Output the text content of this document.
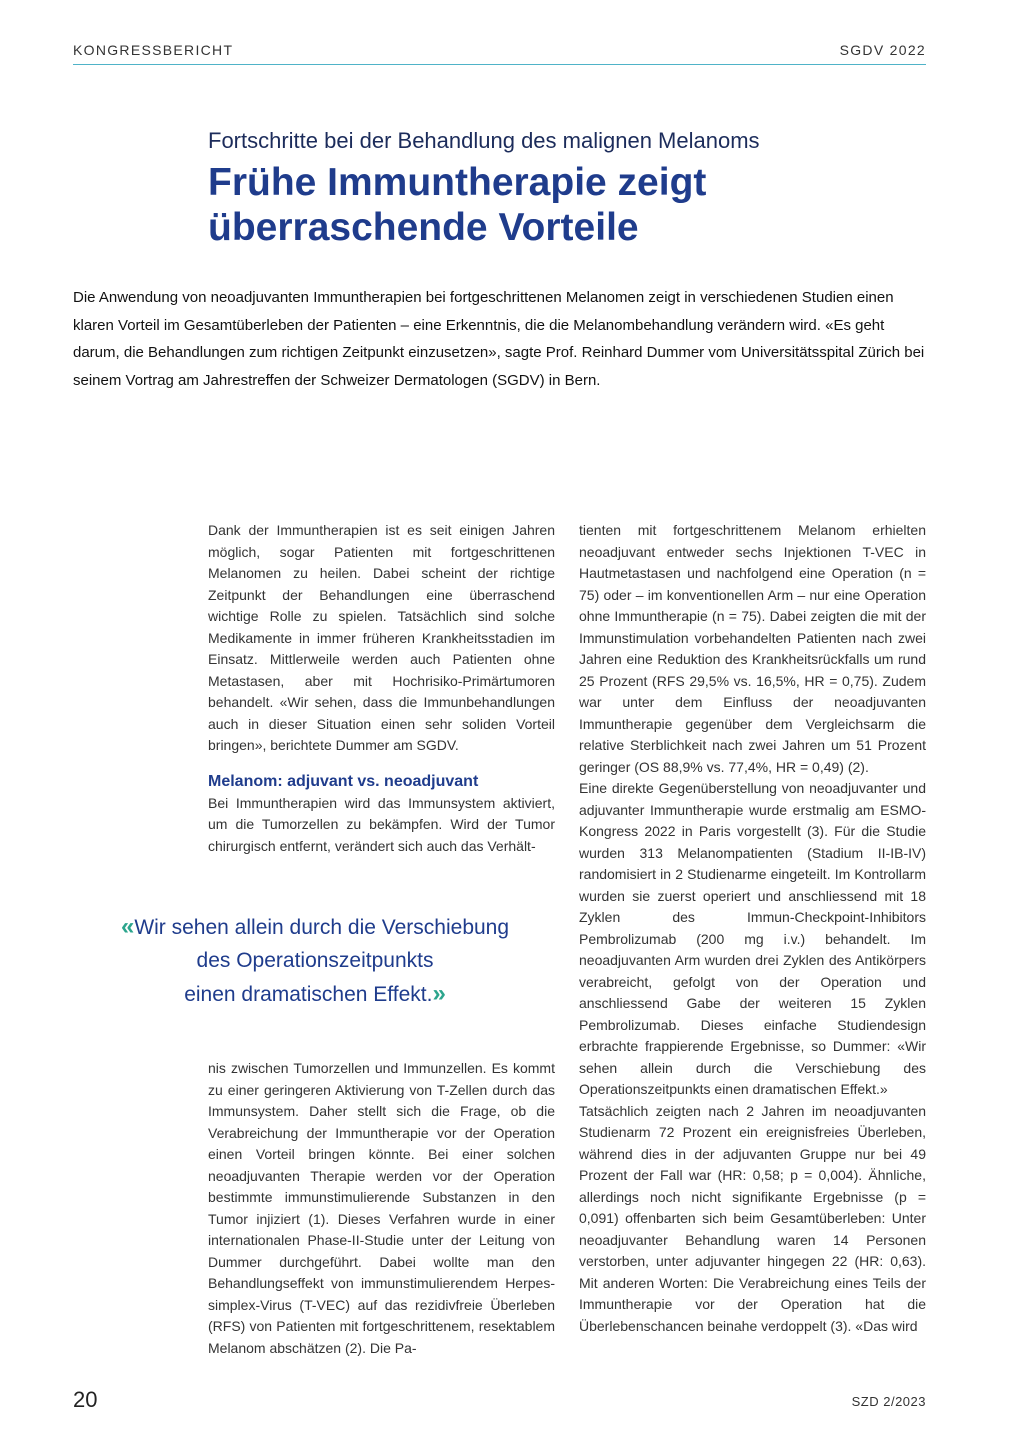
KONGRESSBERICHT	SGDV 2022
Fortschritte bei der Behandlung des malignen Melanoms
Frühe Immuntherapie zeigt überraschende Vorteile

Die Anwendung von neoadjuvanten Immuntherapien bei fortgeschrittenen Melanomen zeigt in verschiedenen Studien einen klaren Vorteil im Gesamtüberleben der Patienten – eine Erkenntnis, die die Melanombehandlung verändern wird. «Es geht darum, die Behandlungen zum richtigen Zeitpunkt einzusetzen», sagte Prof. Reinhard Dummer vom Universitätsspital Zürich bei seinem Vortrag am Jahrestreffen der Schweizer Dermatologen (SGDV) in Bern.

Dank der Immuntherapien ist es seit einigen Jahren möglich, sogar Patienten mit fortgeschrittenen Melanomen zu heilen. Dabei scheint der richtige Zeitpunkt der Behandlungen eine überraschend wichtige Rolle zu spielen. Tatsächlich sind solche Medikamente in immer früheren Krankheitsstadien im Einsatz. Mittlerweile werden auch Patienten ohne Metastasen, aber mit Hochrisiko-Primärtumoren behandelt. «Wir sehen, dass die Immunbehandlungen auch in dieser Situation einen sehr soliden Vorteil bringen», berichtete Dummer am SGDV.

Melanom: adjuvant vs. neoadjuvant

Bei Immuntherapien wird das Immunsystem aktiviert, um die Tumorzellen zu bekämpfen. Wird der Tumor chirurgisch entfernt, verändert sich auch das Verhält-

«Wir sehen allein durch die Verschiebung
des Operationszeitpunkts
einen dramatischen Effekt.»

nis zwischen Tumorzellen und Immunzellen. Es kommt zu einer geringeren Aktivierung von T-Zellen durch das Immunsystem. Daher stellt sich die Frage, ob die Verabreichung der Immuntherapie vor der Operation einen Vorteil bringen könnte. Bei einer solchen neoadjuvanten Therapie werden vor der Operation bestimmte immunstimulierende Substanzen in den Tumor injiziert (1). Dieses Verfahren wurde in einer internationalen Phase-II-Studie unter der Leitung von Dummer durchgeführt. Dabei wollte man den Behandlungseffekt von immunstimulierendem Herpes-simplex-Virus (T-VEC) auf das rezidivfreie Überleben (RFS) von Patienten mit fortgeschrittenem, resektablem Melanom abschätzen (2). Die Pa-

tienten mit fortgeschrittenem Melanom erhielten neoadjuvant entweder sechs Injektionen T-VEC in Hautmetastasen und nachfolgend eine Operation (n = 75) oder – im konventionellen Arm – nur eine Operation ohne Immuntherapie (n = 75). Dabei zeigten die mit der Immunstimulation vorbehandelten Patienten nach zwei Jahren eine Reduktion des Krankheitsrückfalls um rund 25 Prozent (RFS 29,5% vs. 16,5%, HR = 0,75). Zudem war unter dem Einfluss der neoadjuvanten Immuntherapie gegenüber dem Vergleichsarm die relative Sterblichkeit nach zwei Jahren um 51 Prozent geringer (OS 88,9% vs. 77,4%, HR = 0,49) (2).

Eine direkte Gegenüberstellung von neoadjuvanter und adjuvanter Immuntherapie wurde erstmalig am ESMO-Kongress 2022 in Paris vorgestellt (3). Für die Studie wurden 313 Melanompatienten (Stadium II-IB-IV) randomisiert in 2 Studienarme eingeteilt. Im Kontrollarm wurden sie zuerst operiert und anschliessend mit 18 Zyklen des Immun-Checkpoint-Inhibitors Pembrolizumab (200 mg i.v.) behandelt. Im neoadjuvanten Arm wurden drei Zyklen des Antikörpers verabreicht, gefolgt von der Operation und anschliessend Gabe der weiteren 15 Zyklen Pembrolizumab. Dieses einfache Studiendesign erbrachte frappierende Ergebnisse, so Dummer: «Wir sehen allein durch die Verschiebung des Operationszeitpunkts einen dramatischen Effekt.»

Tatsächlich zeigten nach 2 Jahren im neoadjuvanten Studienarm 72 Prozent ein ereignisfreies Überleben, während dies in der adjuvanten Gruppe nur bei 49 Prozent der Fall war (HR: 0,58; p = 0,004). Ähnliche, allerdings noch nicht signifikante Ergebnisse (p = 0,091) offenbarten sich beim Gesamtüberleben: Unter neoadjuvanter Behandlung waren 14 Personen verstorben, unter adjuvanter hingegen 22 (HR: 0,63). Mit anderen Worten: Die Verabreichung eines Teils der Immuntherapie vor der Operation hat die Überlebenschancen beinahe verdoppelt (3). «Das wird

20	SZD 2/2023
